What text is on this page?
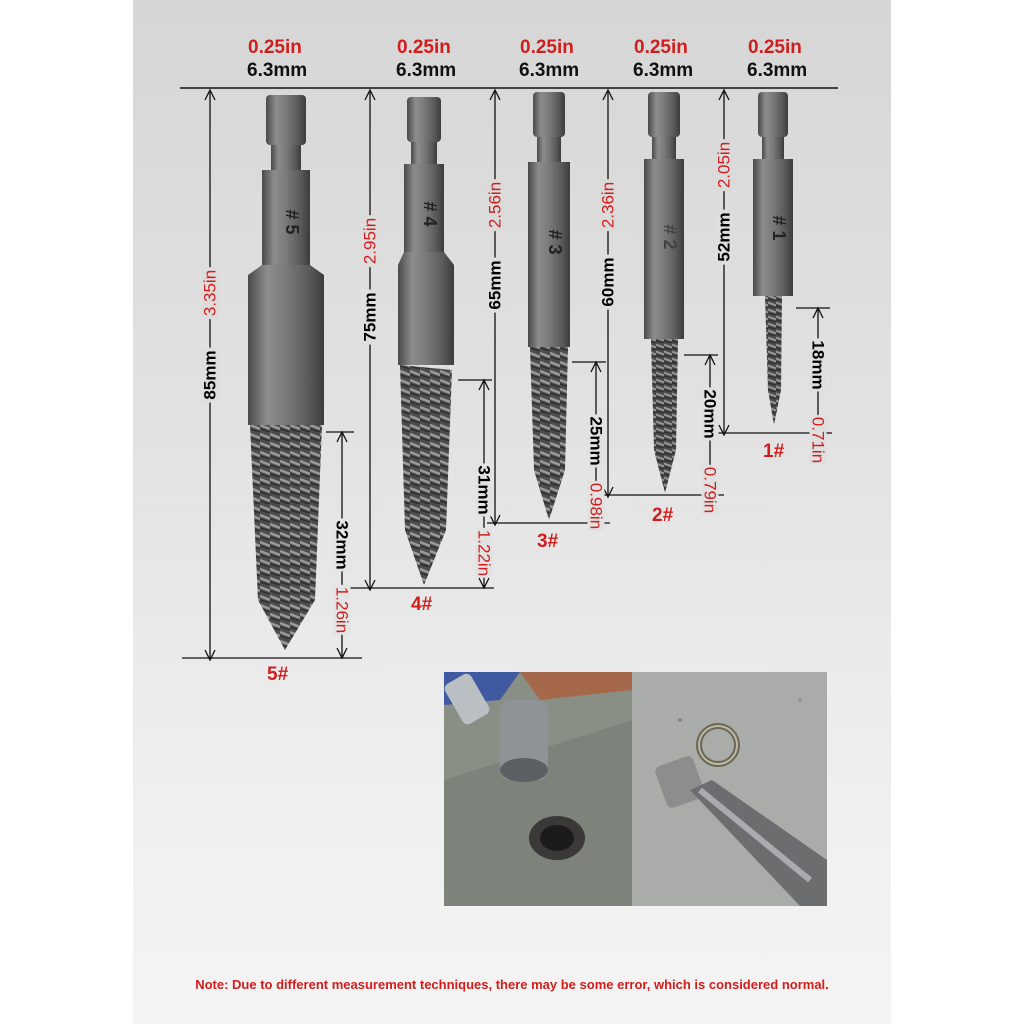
# 5	# 4
# 3	# 2	# 1
0.25in
6.3mm
0.25in
6.3mm
0.25in
6.3mm
0.25in
6.3mm
0.25in
6.3mm
85mm
3.35in	75mm
2.95in
65mm
2.56in
60mm
2.36in
52mm
2.05in
32mm
1.26in
31mm
1.22in
25mm
0.98in
20mm
0.79in
18mm
0.71in
5#
4#
3#
2#
1#
Note: Due to different measurement techniques, there may be some error, which is considered normal.
